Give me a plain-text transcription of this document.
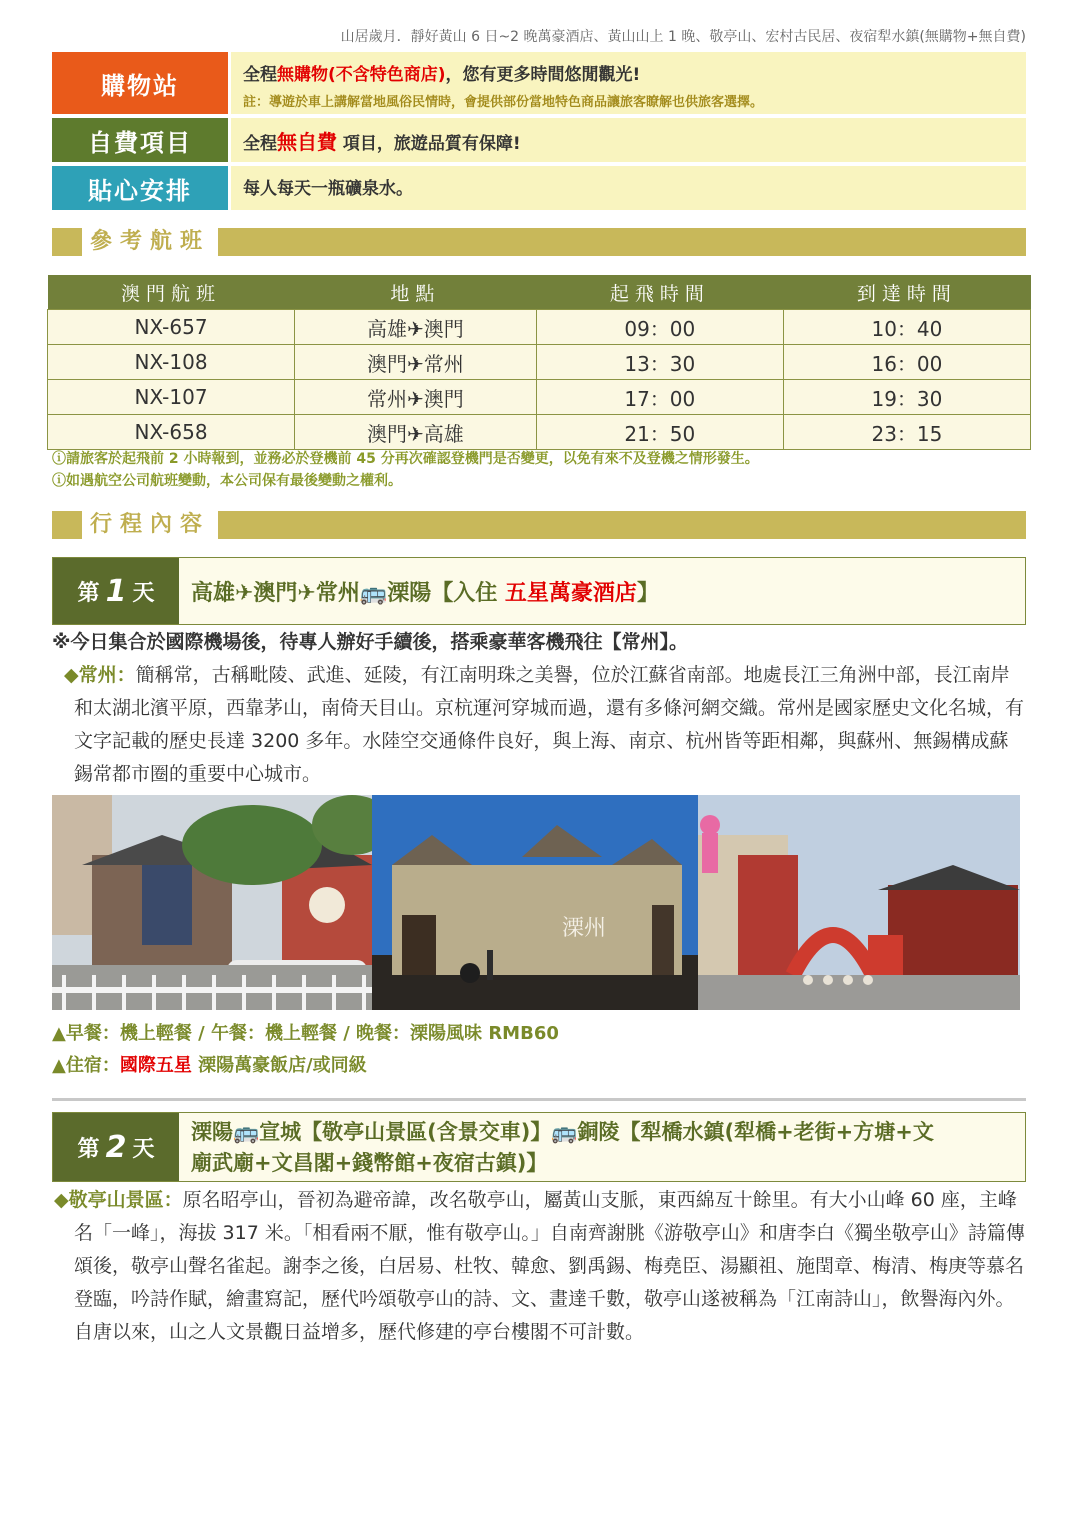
山居歲月．靜好黃山 6 日~2 晚萬豪酒店、黃山山上 1 晚、敬亭山、宏村古民居、夜宿犁水鎮(無購物+無自費)
購物站	全程無購物(不含特色商店)，您有更多時間悠閒觀光!
註：導遊於車上講解當地風俗民情時，會提供部份當地特色商品讓旅客瞭解也供旅客選擇。
自費項目	全程無自費 項目，旅遊品質有保障!
貼心安排	每人每天一瓶礦泉水。
參考航班
澳門航班	地點	起飛時間	到達時間
NX-657	高雄✈澳門	09：00	10：40
NX-108	澳門✈常州	13：30	16：00
NX-107	常州✈澳門	17：00	19：30
NX-658	澳門✈高雄	21：50	23：15
ⓘ請旅客於起飛前 2 小時報到，並務必於登機前 45 分再次確認登機門是否變更，以免有來不及登機之情形發生。
ⓘ如遇航空公司航班變動，本公司保有最後變動之權利。
行程內容
第 1 天 高雄✈澳門✈常州🚌溧陽【入住 五星萬豪酒店】
※今日集合於國際機場後，待專人辦好手續後，搭乘豪華客機飛往【常州】。
◆常州：簡稱常，古稱毗陵、武進、延陵，有江南明珠之美譽，位於江蘇省南部。地處長江三角洲中部，長江南岸和太湖北濱平原，西靠茅山，南倚天目山。京杭運河穿城而過，還有多條河網交織。常州是國家歷史文化名城，有文字記載的歷史長達 3200 多年。水陸空交通條件良好，與上海、南京、杭州皆等距相鄰，與蘇州、無錫構成蘇錫常都市圈的重要中心城市。
溧州
▲早餐：機上輕餐 / 午餐：機上輕餐 / 晚餐：溧陽風味 RMB60
▲住宿：國際五星 溧陽萬豪飯店/或同級
第 2 天
溧陽🚌宣城【敬亭山景區(含景交車)】🚌銅陵【犁橋水鎮(犁橋+老街+方塘+文
廟武廟+文昌閣+錢幣館+夜宿古鎮)】
◆敬亭山景區：原名昭亭山，晉初為避帝諱，改名敬亭山，屬黃山支脈，東西綿亙十餘里。有大小山峰 60 座，主峰名「一峰」，海拔 317 米。「相看兩不厭，惟有敬亭山。」自南齊謝朓《游敬亭山》和唐李白《獨坐敬亭山》詩篇傳頌後，敬亭山聲名雀起。謝李之後，白居易、杜牧、韓愈、劉禹錫、梅堯臣、湯顯祖、施閏章、梅清、梅庚等慕名登臨，吟詩作賦，繪畫寫記，歷代吟頌敬亭山的詩、文、畫達千數，敬亭山遂被稱為「江南詩山」，飲譽海內外。自唐以來，山之人文景觀日益增多，歷代修建的亭台樓閣不可計數。
